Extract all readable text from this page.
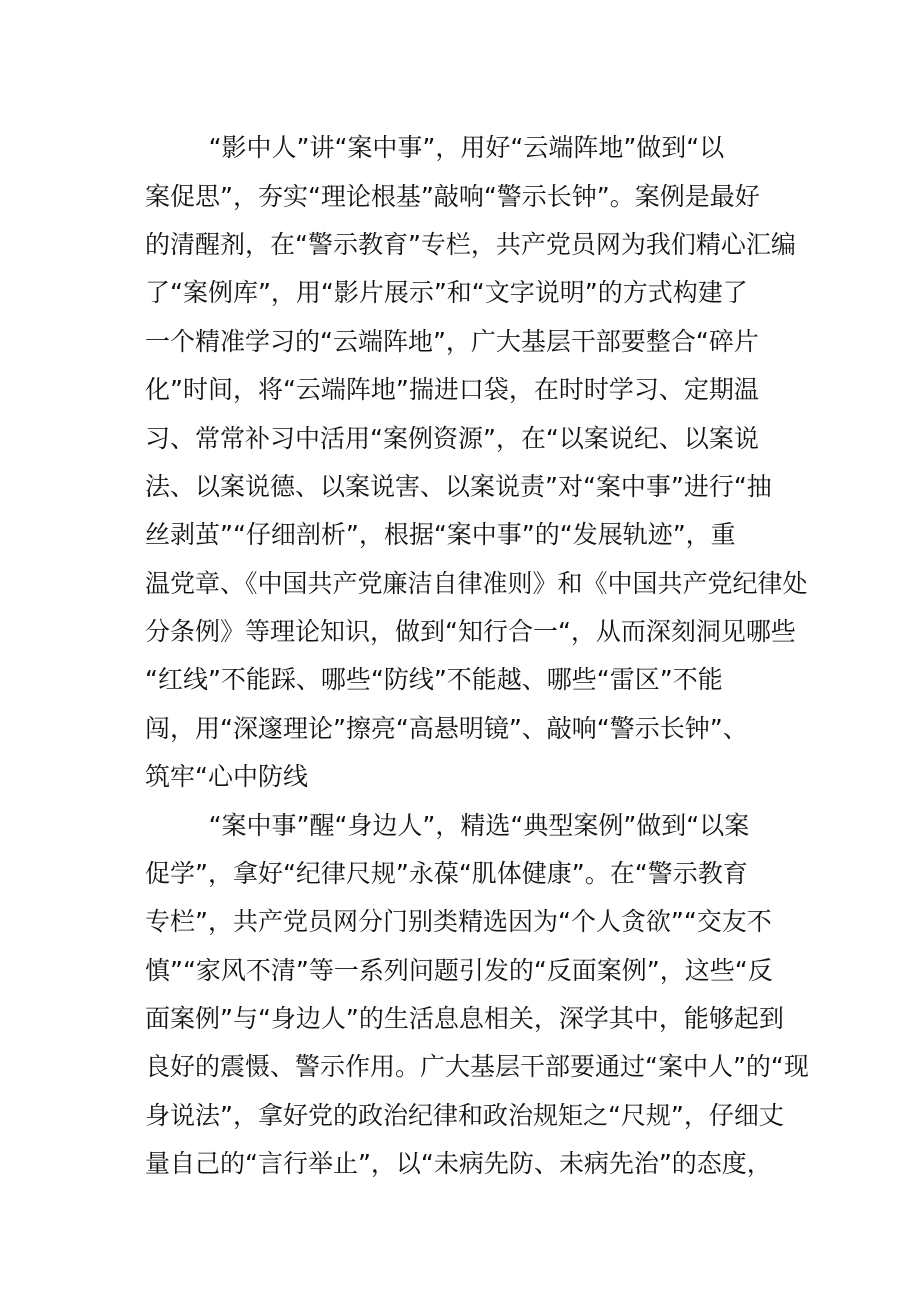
“影中人”讲“案中事”，用好“云端阵地”做到“以
案促思”，夯实“理论根基”敲响“警示长钟”。案例是最好
的清醒剂，在“警示教育”专栏，共产党员网为我们精心汇编
了“案例库”，用“影片展示”和“文字说明”的方式构建了
一个精准学习的“云端阵地”，广大基层干部要整合“碎片
化”时间，将“云端阵地”揣进口袋，在时时学习、定期温
习、常常补习中活用“案例资源”，在“以案说纪、以案说
法、以案说德、以案说害、以案说责”对“案中事”进行“抽
丝剥茧”“仔细剖析”，根据“案中事”的“发展轨迹”，重
温党章、《中国共产党廉洁自律准则》和《中国共产党纪律处
分条例》等理论知识，做到“知行合一“，从而深刻洞见哪些
“红线”不能踩、哪些“防线”不能越、哪些“雷区”不能
闯，用“深邃理论”擦亮“高悬明镜”、敲响“警示长钟”、
筑牢“心中防线
“案中事”醒“身边人”，精选“典型案例”做到“以案
促学”，拿好“纪律尺规”永葆“肌体健康”。在“警示教育
专栏”，共产党员网分门别类精选因为“个人贪欲”“交友不
慎”“家风不清”等一系列问题引发的“反面案例”，这些“反
面案例”与“身边人”的生活息息相关，深学其中，能够起到
良好的震慑、警示作用。广大基层干部要通过“案中人”的“现
身说法”，拿好党的政治纪律和政治规矩之“尺规”，仔细丈
量自己的“言行举止”，以“未病先防、未病先治”的态度，
